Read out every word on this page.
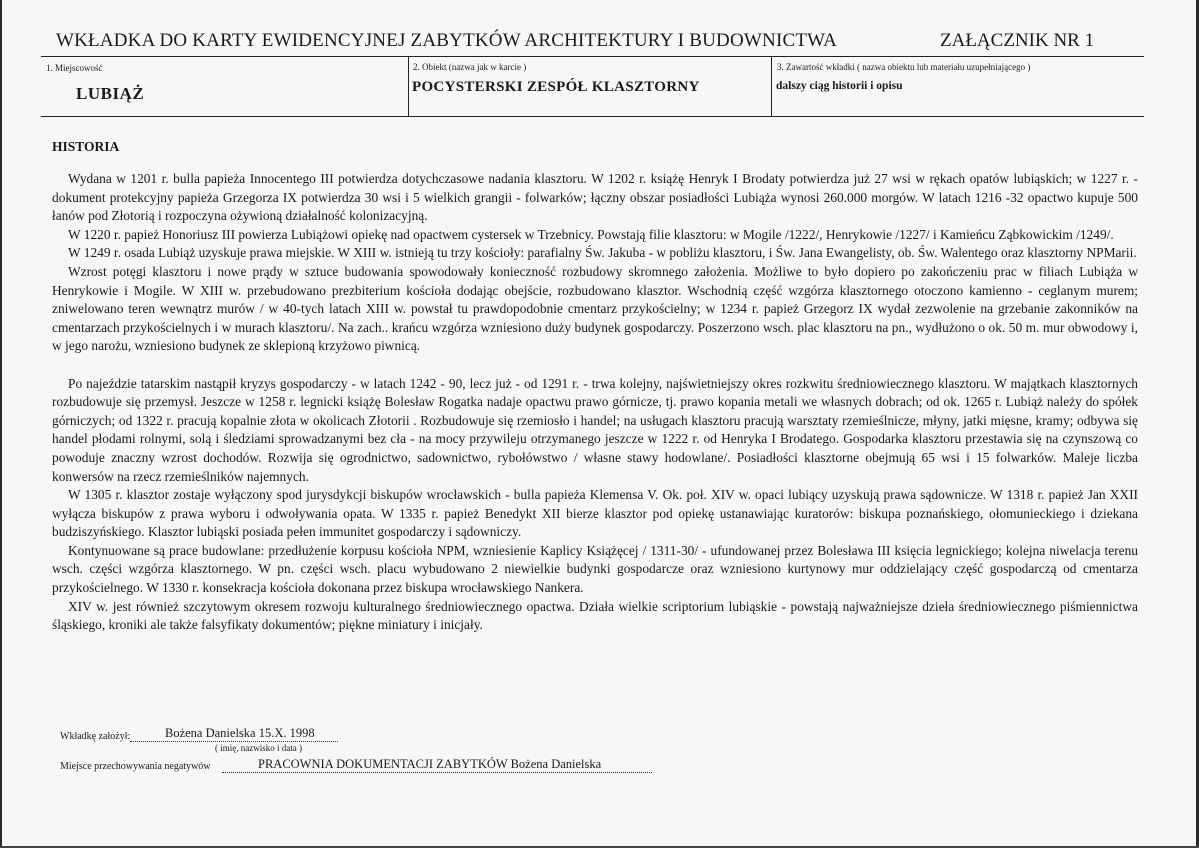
WKŁADKA DO KARTY EWIDENCYJNEJ ZABYTKÓW ARCHITEKTURY I BUDOWNICTWA	ZAŁĄCZNIK NR 1
1. Miejscowość
LUBIĄŻ
2. Obiekt (nazwa jak w karcie )
POCYSTERSKI ZESPÓŁ KLASZTORNY
3. Zawartość wkładki ( nazwa obiektu lub materiału uzupełniającego )
dalszy ciąg historii i opisu
HISTORIA

Wydana w 1201 r. bulla papieża Innocentego III potwierdza dotychczasowe nadania klasztoru. W 1202 r. książę Henryk I Brodaty potwierdza już 27 wsi w rękach opatów lubiąskich; w 1227 r. - dokument protekcyjny papieża Grzegorza IX potwierdza 30 wsi i 5 wielkich grangii - folwarków; łączny obszar posiadłości Lubiąża wynosi 260.000 morgów. W latach 1216 -32 opactwo kupuje 500 łanów pod Złotorią i rozpoczyna ożywioną działalność kolonizacyjną.

W 1220 r. papież Honoriusz III powierza Lubiążowi opiekę nad opactwem cystersek w Trzebnicy. Powstają filie klasztoru: w Mogile /1222/, Henrykowie /1227/ i Kamieńcu Ząbkowickim /1249/.

W 1249 r. osada Lubiąż uzyskuje prawa miejskie. W XIII w. istnieją tu trzy kościoły: parafialny Św. Jakuba - w pobliżu klasztoru, i Św. Jana Ewangelisty, ob. Św. Walentego oraz klasztorny NPMarii.

Wzrost potęgi klasztoru i nowe prądy w sztuce budowania spowodowały konieczność rozbudowy skromnego założenia. Możliwe to było dopiero po zakończeniu prac w filiach Lubiąża w Henrykowie i Mogile. W XIII w. przebudowano prezbiterium kościoła dodając obejście, rozbudowano klasztor. Wschodnią część wzgórza klasztornego otoczono kamienno - ceglanym murem; zniwelowano teren wewnątrz murów / w 40-tych latach XIII w. powstał tu prawdopodobnie cmentarz przykościelny; w 1234 r. papież Grzegorz IX wydał zezwolenie na grzebanie zakonników na cmentarzach przykościelnych i w murach klasztoru/. Na zach.. krańcu wzgórza wzniesiono duży budynek gospodarczy. Poszerzono wsch. plac klasztoru na pn., wydłużono o ok. 50 m. mur obwodowy i, w jego narożu, wzniesiono budynek ze sklepioną krzyżowo piwnicą.

Po najeździe tatarskim nastąpił kryzys gospodarczy - w latach 1242 - 90, lecz już - od 1291 r. - trwa kolejny, najświetniejszy okres rozkwitu średniowiecznego klasztoru. W majątkach klasztornych rozbudowuje się przemysł. Jeszcze w 1258 r. legnicki książę Bolesław Rogatka nadaje opactwu prawo górnicze, tj. prawo kopania metali we własnych dobrach; od ok. 1265 r. Lubiąż należy do spółek górniczych; od 1322 r. pracują kopalnie złota w okolicach Złotorii . Rozbudowuje się rzemiosło i handel; na usługach klasztoru pracują warsztaty rzemieślnicze, młyny, jatki mięsne, kramy; odbywa się handel płodami rolnymi, solą i śledziami sprowadzanymi bez cła - na mocy przywileju otrzymanego jeszcze w 1222 r. od Henryka I Brodatego. Gospodarka klasztoru przestawia się na czynszową co powoduje znaczny wzrost dochodów. Rozwija się ogrodnictwo, sadownictwo, rybołówstwo / własne stawy hodowlane/. Posiadłości klasztorne obejmują 65 wsi i 15 folwarków. Maleje liczba konwersów na rzecz rzemieślników najemnych.

W 1305 r. klasztor zostaje wyłączony spod jurysdykcji biskupów wrocławskich - bulla papieża Klemensa V. Ok. poł. XIV w. opaci lubiący uzyskują prawa sądownicze. W 1318 r. papież Jan XXII wyłącza biskupów z prawa wyboru i odwoływania opata. W 1335 r. papież Benedykt XII bierze klasztor pod opiekę ustanawiając kuratorów: biskupa poznańskiego, ołomunieckiego i dziekana budziszyńskiego. Klasztor lubiąski posiada pełen immunitet gospodarczy i sądowniczy.

Kontynuowane są prace budowlane: przedłużenie korpusu kościoła NPM, wzniesienie Kaplicy Książęcej / 1311-30/ - ufundowanej przez Bolesława III księcia legnickiego; kolejna niwelacja terenu wsch. części wzgórza klasztornego. W pn. części wsch. placu wybudowano 2 niewielkie budynki gospodarcze oraz wzniesiono kurtynowy mur oddzielający część gospodarczą od cmentarza przykościelnego. W 1330 r. konsekracja kościoła dokonana przez biskupa wrocławskiego Nankera.

XIV w. jest również szczytowym okresem rozwoju kulturalnego średniowiecznego opactwa. Działa wielkie scriptorium lubiąskie - powstają najważniejsze dzieła średniowiecznego piśmiennictwa śląskiego, kroniki ale także falsyfikaty dokumentów; piękne miniatury i inicjały.

Wkładkę założył:	Bożena Danielska 15.X. 1998
( imię, nazwisko i data )
Miejsce przechowywania negatywów	PRACOWNIA DOKUMENTACJI ZABYTKÓW Bożena Danielska
